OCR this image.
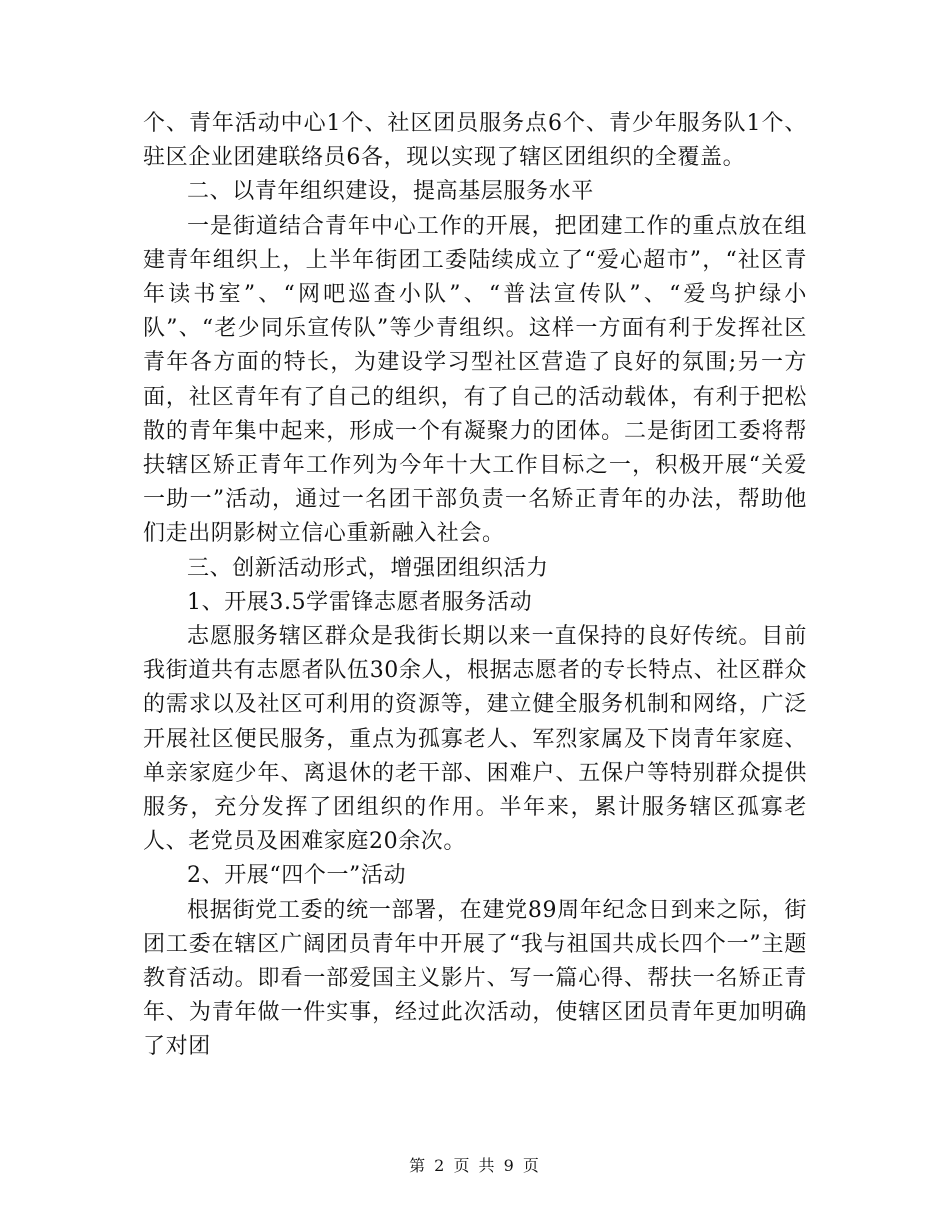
个、青年活动中心1个、社区团员服务点6个、青少年服务队1个、驻区企业团建联络员6各，现以实现了辖区团组织的全覆盖。

二、以青年组织建设，提高基层服务水平

一是街道结合青年中心工作的开展，把团建工作的重点放在组建青年组织上，上半年街团工委陆续成立了“爱心超市”，“社区青年读书室”、“网吧巡查小队”、“普法宣传队”、“爱鸟护绿小队”、“老少同乐宣传队”等少青组织。这样一方面有利于发挥社区青年各方面的特长，为建设学习型社区营造了良好的氛围;另一方面，社区青年有了自己的组织，有了自己的活动载体，有利于把松散的青年集中起来，形成一个有凝聚力的团体。二是街团工委将帮扶辖区矫正青年工作列为今年十大工作目标之一，积极开展“关爱一助一”活动，通过一名团干部负责一名矫正青年的办法，帮助他们走出阴影树立信心重新融入社会。

三、创新活动形式，增强团组织活力

1、开展3.5学雷锋志愿者服务活动

志愿服务辖区群众是我街长期以来一直保持的良好传统。目前我街道共有志愿者队伍30余人，根据志愿者的专长特点、社区群众的需求以及社区可利用的资源等，建立健全服务机制和网络，广泛开展社区便民服务，重点为孤寡老人、军烈家属及下岗青年家庭、单亲家庭少年、离退休的老干部、困难户、五保户等特别群众提供服务，充分发挥了团组织的作用。半年来，累计服务辖区孤寡老人、老党员及困难家庭20余次。

2、开展“四个一”活动

根据街党工委的统一部署，在建党89周年纪念日到来之际，街团工委在辖区广阔团员青年中开展了“我与祖国共成长四个一”主题教育活动。即看一部爱国主义影片、写一篇心得、帮扶一名矫正青年、为青年做一件实事，经过此次活动，使辖区团员青年更加明确了对团

第 2 页 共 9 页
